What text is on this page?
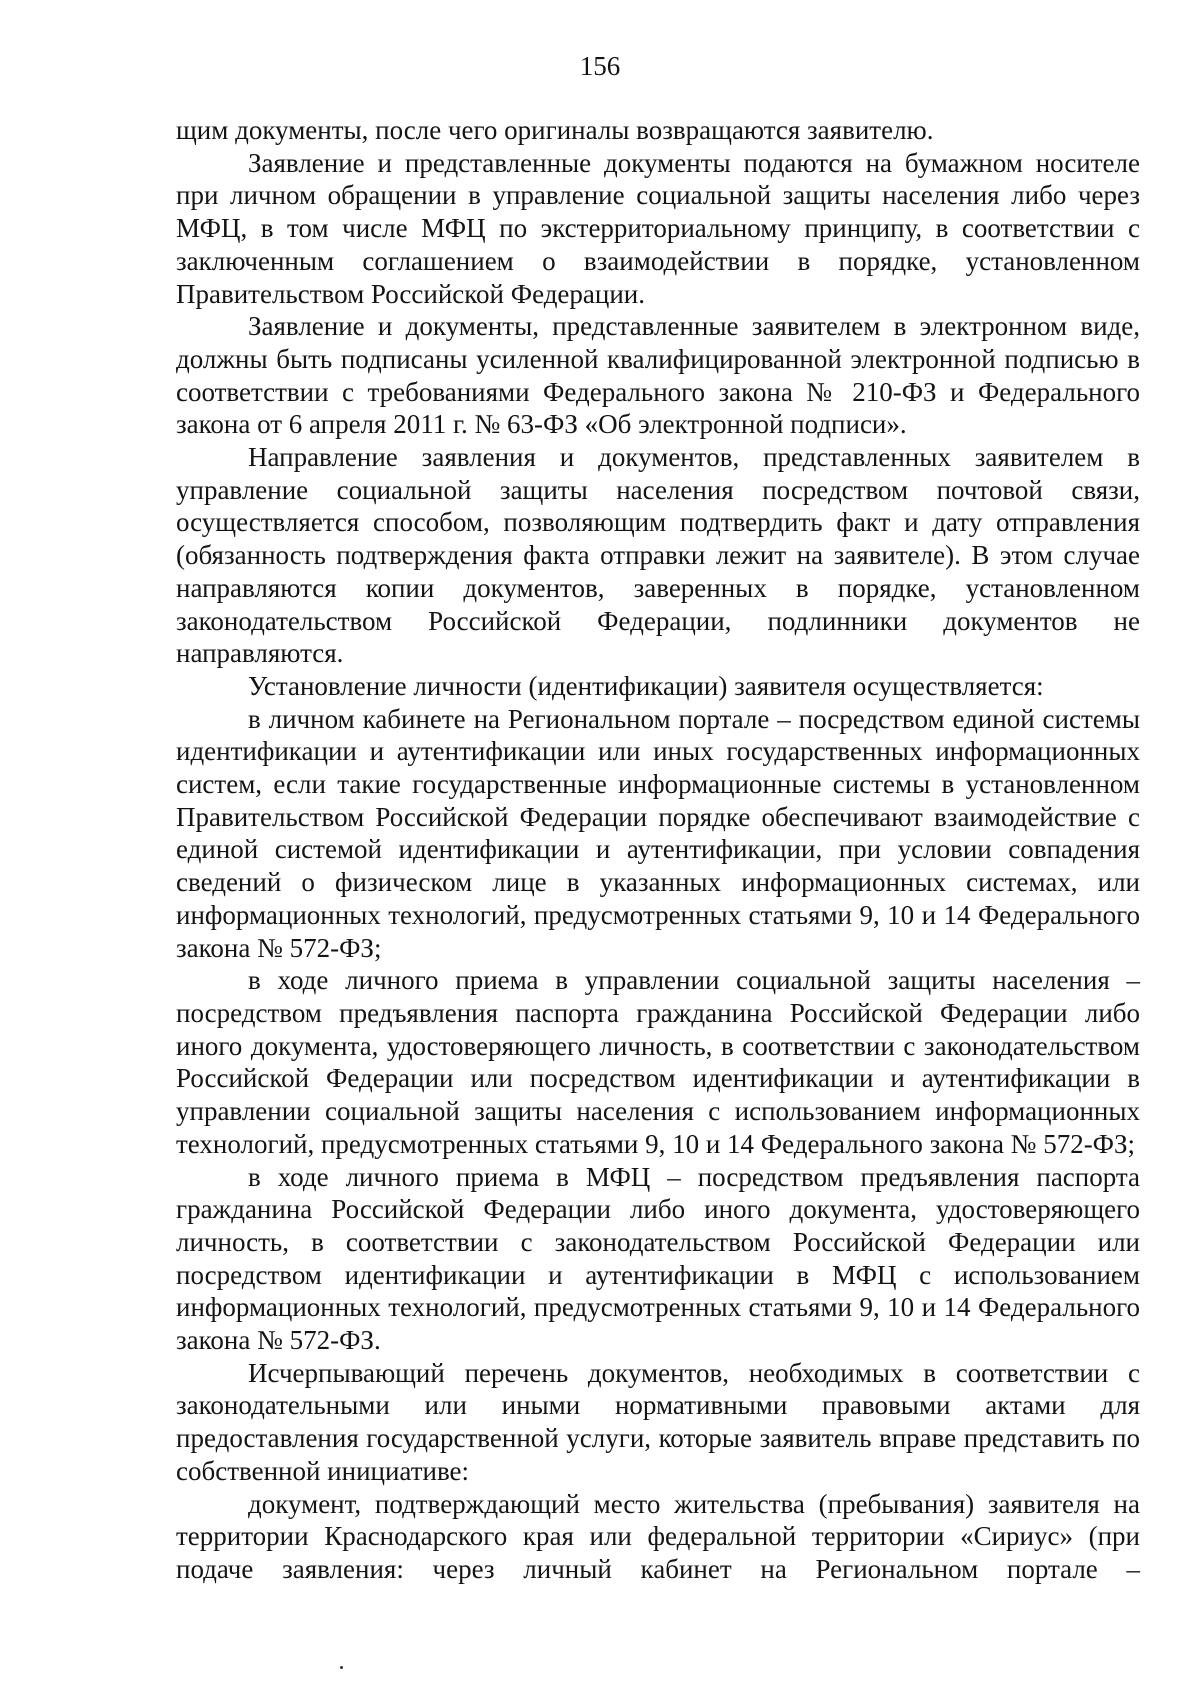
156

щим документы, после чего оригиналы возвращаются заявителю.

Заявление и представленные документы подаются на бумажном носителе при личном обращении в управление социальной защиты населения либо через МФЦ, в том числе МФЦ по экстерриториальному принципу, в соответствии с заключенным соглашением о взаимодействии в порядке, установленном Правительством Российской Федерации.

Заявление и документы, представленные заявителем в электронном виде, должны быть подписаны усиленной квалифицированной электронной подписью в соответствии с требованиями Федерального закона № 210-ФЗ и Федерального закона от 6 апреля 2011 г. № 63-ФЗ «Об электронной подписи».

Направление заявления и документов, представленных заявителем в управление социальной защиты населения посредством почтовой связи, осуществляется способом, позволяющим подтвердить факт и дату отправления (обязанность подтверждения факта отправки лежит на заявителе). В этом случае направляются копии документов, заверенных в порядке, установленном законодательством Российской Федерации, подлинники документов не направляются.

Установление личности (идентификации) заявителя осуществляется:

в личном кабинете на Региональном портале – посредством единой системы идентификации и аутентификации или иных государственных информационных систем, если такие государственные информационные системы в установленном Правительством Российской Федерации порядке обеспечивают взаимодействие с единой системой идентификации и аутентификации, при условии совпадения сведений о физическом лице в указанных информационных системах, или информационных технологий, предусмотренных статьями 9, 10 и 14 Федерального закона № 572-ФЗ;

в ходе личного приема в управлении социальной защиты населения – посредством предъявления паспорта гражданина Российской Федерации либо иного документа, удостоверяющего личность, в соответствии с законодательством Российской Федерации или посредством идентификации и аутентификации в управлении социальной защиты населения с использованием информационных технологий, предусмотренных статьями 9, 10 и 14 Федерального закона № 572-ФЗ;

в ходе личного приема в МФЦ – посредством предъявления паспорта гражданина Российской Федерации либо иного документа, удостоверяющего личность, в соответствии с законодательством Российской Федерации или посредством идентификации и аутентификации в МФЦ с использованием информационных технологий, предусмотренных статьями 9, 10 и 14 Федерального закона № 572-ФЗ.

Исчерпывающий перечень документов, необходимых в соответствии с законодательными или иными нормативными правовыми актами для предоставления государственной услуги, которые заявитель вправе представить по собственной инициативе:

документ, подтверждающий место жительства (пребывания) заявителя на территории Краснодарского края или федеральной территории «Сириус» (при подаче заявления: через личный кабинет на Региональном портале –
